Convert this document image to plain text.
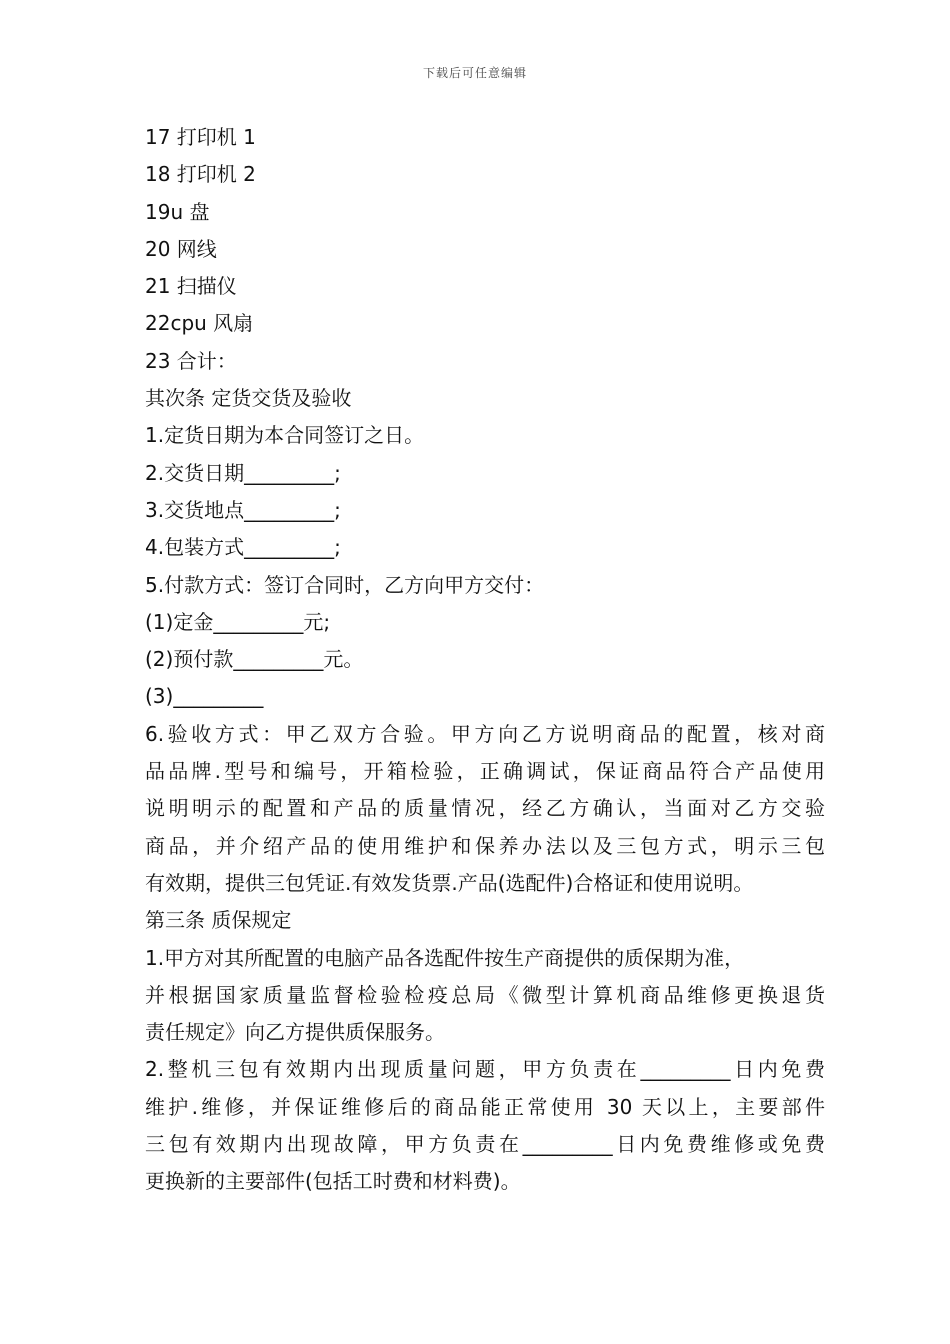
下载后可任意编辑
17 打印机 1
18 打印机 2
19u 盘
20 网线
21 扫描仪
22cpu 风扇
23 合计：
其次条 定货交货及验收
1.定货日期为本合同签订之日。
2.交货日期_________;
3.交货地点_________;
4.包装方式_________;
5.付款方式：签订合同时，乙方向甲方交付：
(1)定金_________元;
(2)预付款_________元。
(3)_________
6.验收方式：甲乙双方合验。甲方向乙方说明商品的配置，核对商
品品牌.型号和编号，开箱检验，正确调试，保证商品符合产品使用
说明明示的配置和产品的质量情况，经乙方确认，当面对乙方交验
商品，并介绍产品的使用维护和保养办法以及三包方式，明示三包
有效期，提供三包凭证.有效发货票.产品(选配件)合格证和使用说明。
第三条 质保规定
1.甲方对其所配置的电脑产品各选配件按生产商提供的质保期为准，
并根据国家质量监督检验检疫总局《微型计算机商品维修更换退货
责任规定》向乙方提供质保服务。
2.整机三包有效期内出现质量问题，甲方负责在_________日内免费
维护.维修，并保证维修后的商品能正常使用 30 天以上，主要部件
三包有效期内出现故障，甲方负责在_________日内免费维修或免费
更换新的主要部件(包括工时费和材料费)。
